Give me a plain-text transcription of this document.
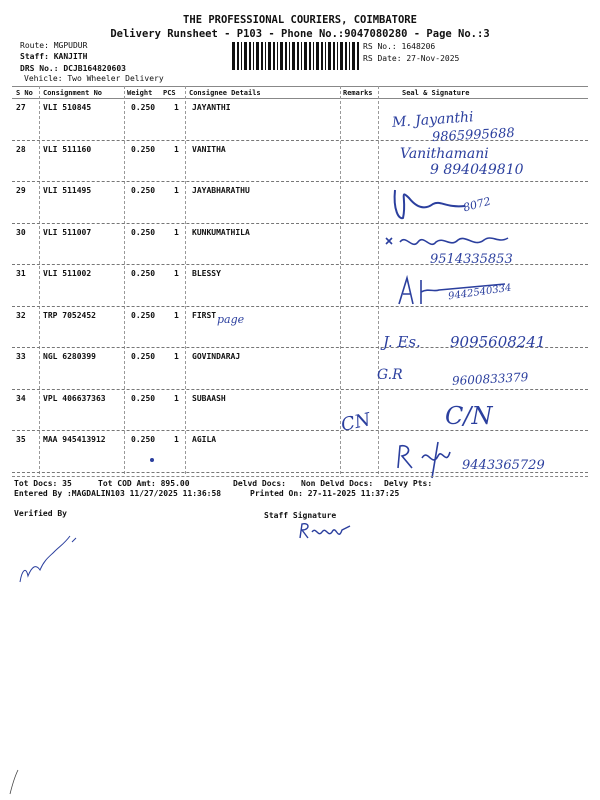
THE PROFESSIONAL COURIERS, COIMBATORE
Delivery Runsheet - P103 - Phone No.:9047080280 - Page No.:3
Route: MGPUDUR
Staff: KANJITH
DRS No.: DCJB164820603
Vehicle: Two Wheeler Delivery
RS No.: 1648206
RS Date: 27-Nov-2025
S No Consignment No	Weight PCS Consignee Details	Remarks	Seal & Signature
27 VLI 510845	0.250 1 JAYANTHI
28 VLI 511160	0.250 1 VANITHA
29 VLI 511495	0.250 1 JAYABHARATHU
30 VLI 511007	0.250 1 KUNKUMATHILA
31 VLI 511002	0.250 1 BLESSY
32 TRP 7052452	0.250 1 FIRST
33 NGL 6280399	0.250 1 GOVINDARAJ
34 VPL 406637363	0.250 1 SUBAASH
35 MAA 945413912	0.250 1 AGILA
M. Jayanthi
9865995688
Vanithamani
9 894049810
8072
9514335853
9442540334
page
J. Es. 9095608241
G.R	9600833379
CN	C/N
9443365729
Tot Docs: 35	Tot COD Amt: 895.00	Delvd Docs: Non Delvd Docs: Delvy Pts:
Entered By :MAGDALIN103 11/27/2025 11:36:58	Printed On: 27-11-2025 11:37:25
Verified By	Staff Signature
